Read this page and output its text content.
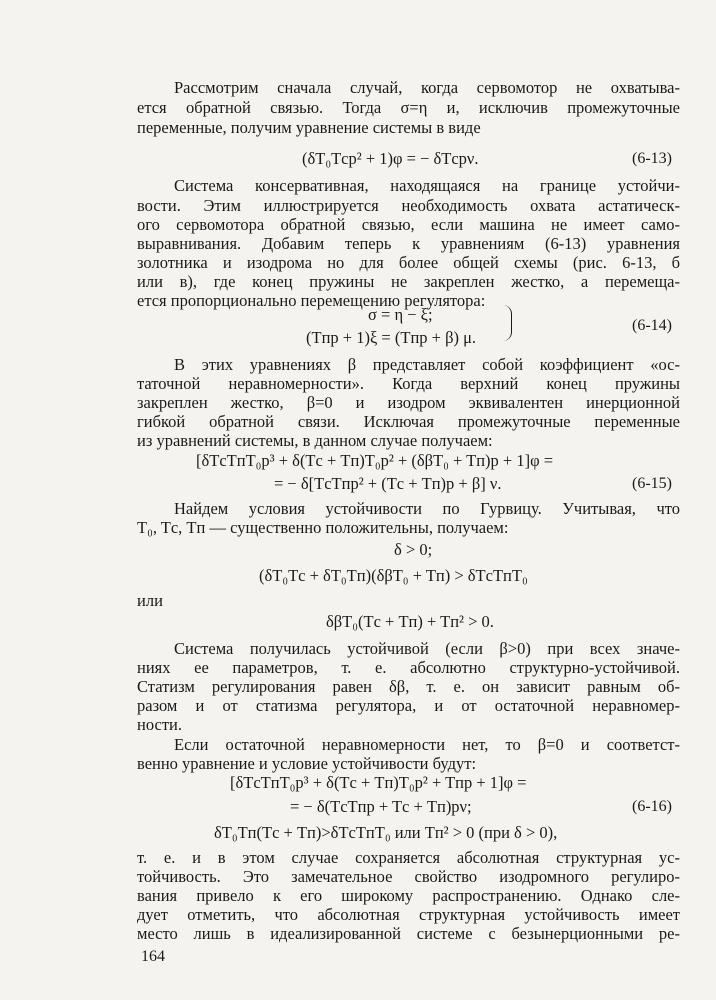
Рассмотрим сначала случай, когда сервомотор не охватыва-
ется обратной связью. Тогда σ=η и, исключив промежуточные
переменные, получим уравнение системы в виде
(δT₀Tсp² + 1)φ = − δTсpν.	(6-13)
Система консервативная, находящаяся на границе устойчи-
вости. Этим иллюстрируется необходимость охвата астатическ-
ого сервомотора обратной связью, если машина не имеет само-
выравнивания. Добавим теперь к уравнениям (6-13) уравнения
золотника и изодрома но для более общей схемы (рис. 6-13, б
или в), где конец пружины не закреплен жестко, а перемеща-
ется пропорционально перемещению регулятора:
σ = η − ξ;
(Tпp + 1)ξ = (Tпp + β) μ.
(6-14)
В этих уравнениях β представляет собой коэффициент «ос-
таточной неравномерности». Когда верхний конец пружины
закреплен жестко, β=0 и изодром эквивалентен инерционной
гибкой обратной связи. Исключая промежуточные переменные
из уравнений системы, в данном случае получаем:
[δTсTпT₀p³ + δ(Tс + Tп)T₀p² + (δβT₀ + Tп)p + 1]φ =
= − δ[TсTпp² + (Tс + Tп)p + β] ν.	(6-15)
Найдем условия устойчивости по Гурвицу. Учитывая, что
T₀, Tс, Tп — существенно положительны, получаем:
δ > 0;
(δT₀Tс + δT₀Tп)(δβT₀ + Tп) > δTсTпT₀
или
δβT₀(Tс + Tп) + Tп² > 0.
Система получилась устойчивой (если β>0) при всех значе-
ниях ее параметров, т. е. абсолютно структурно-устойчивой.
Статизм регулирования равен δβ, т. е. он зависит равным об-
разом и от статизма регулятора, и от остаточной неравномер-
ности.
Если остаточной неравномерности нет, то β=0 и соответст-
венно уравнение и условие устойчивости будут:
[δTсTпT₀p³ + δ(Tс + Tп)T₀p² + Tпp + 1]φ =
= − δ(TсTпp + Tс + Tп)pν;	(6-16)
δT₀Tп(Tс + Tп)>δTсTпT₀ или Tп² > 0 (при δ > 0),
т. е. и в этом случае сохраняется абсолютная структурная ус-
тойчивость. Это замечательное свойство изодромного регулиро-
вания привело к его широкому распространению. Однако сле-
дует отметить, что абсолютная структурная устойчивость имеет
место лишь в идеализированной системе с безынерционными ре-
164
